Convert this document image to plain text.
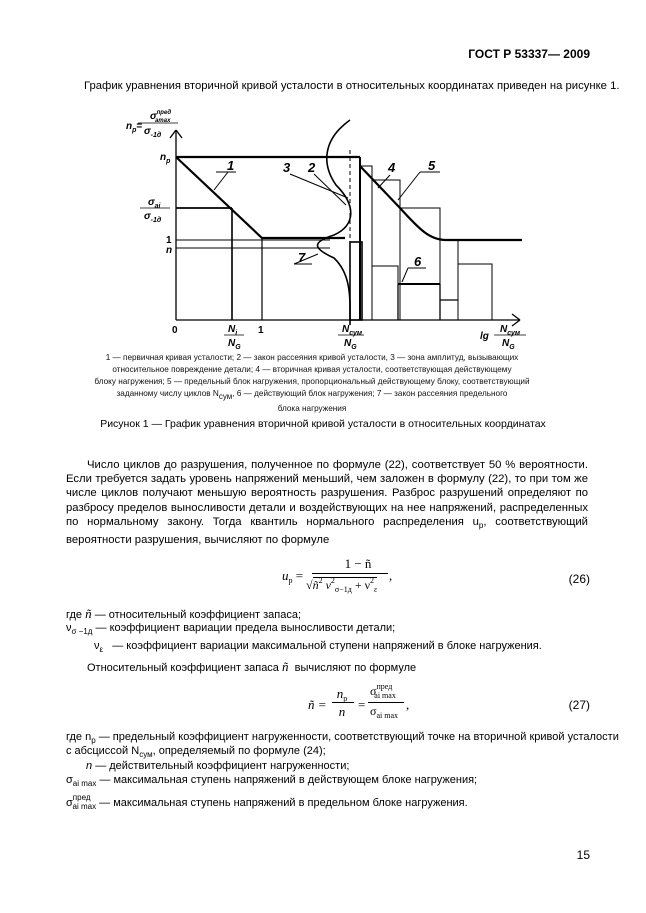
ГОСТ Р 53337— 2009
График уравнения вторичной кривой усталости в относительных координатах приведен на рисунке 1.
$n_р=$
$\sigma^{пред}$ amax
$\sigma_{-1д}$
$n_р$
$\sigma_{ai}$
$\sigma_{-1д}$
1
n
0	$N_i$
$N_G$
1	$N_{сум}$
$N_G$
lg
$N_{сум}$
$N_G$
1	2
3	4	5
6
7
1 — первичная кривая усталости; 2 — закон рассеяния кривой усталости, 3 — зона амплитуд, вызывающих
относительное повреждение детали; 4 — вторичная кривая усталости, соответствующая действующему
блоку нагружения; 5 — предельный блок нагружения, пропорциональный действующему блоку, соответствующий
заданному числу циклов Nсум, 6 — действующий блок нагружения; 7 — закон рассеяния предельного
блока нагружения
Рисунок 1 — График уравнения вторичной кривой усталости в относительных координатах

Число циклов до разрушения, полученное по формуле (22), соответствует 50 % вероятности. Если требуется задать уровень напряжений меньший, чем заложен в формулу (22), то при том же числе циклов получают меньшую вероятность разрушения. Разброс разрушений определяют по разбросу пределов выносливости детали и воздействующих на нее напряжений, распределенных по нормальному закону. Тогда квантиль нормального распределения $u_р$, соответствующий вероятности разрушения, вычисляют по формуле

$u_р$ =
1 − ñ
$√ñ^2$ $\nu^2_{\sigma-1д} + \nu^2_\varepsilon$
,	(26)
где ñ — относительный коэффициент запаса;
$\nu_{\sigma -1д}$ — коэффициент вариации предела выносливости детали;
$\nu_\varepsilon$ — коэффициент вариации максимальной ступени напряжений в блоке нагружения.
Относительный коэффициент запаса ñ вычисляют по формуле
ñ =
$n_р$
n =
$\sigma^{пред}_{ai max}$
$\sigma_{ai max}$
,	(27)
где $n_р$ — предельный коэффициент нагруженности, соответствующий точке на вторичной кривой усталости
с абсциссой $N_{сум}$, определяемый по формуле (24);
n — действительный коэффициент нагруженности;
$\sigma_{ai max}$ — максимальная ступень напряжений в действующем блоке нагружения;
$\sigma^{пред}_{ai max}$ — максимальная ступень напряжений в предельном блоке нагружения.
15
